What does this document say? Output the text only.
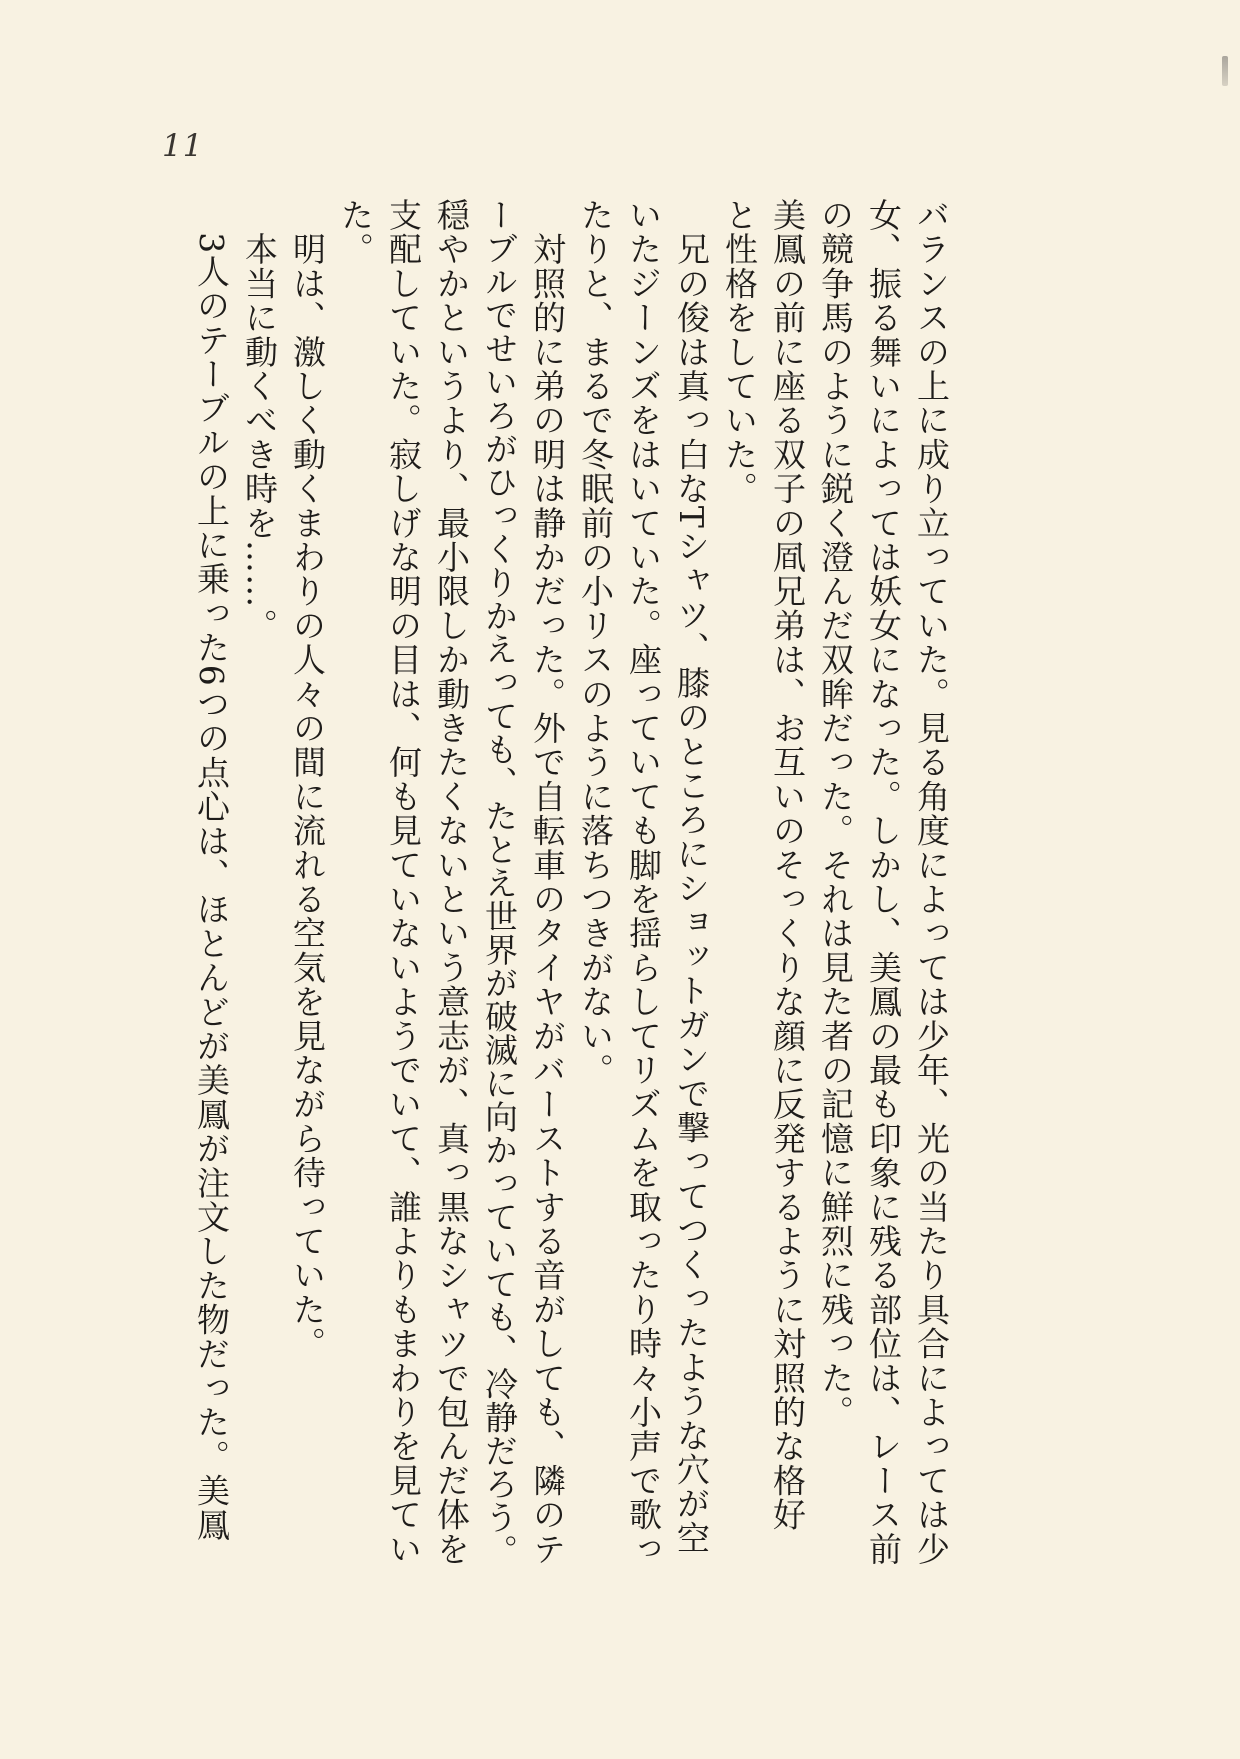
11
バランスの上に成り立っていた。見る角度によっては少年、光の当たり具合によっては少
女、振る舞いによっては妖女になった。しかし、美鳳の最も印象に残る部位は、レース前
の競争馬のように鋭く澄んだ双眸だった。それは見た者の記憶に鮮烈に残った。
美鳳の前に座る双子の凮兄弟は、お互いのそっくりな顔に反発するように対照的な格好
と性格をしていた。
　兄の俊は真っ白なTシャツ、膝のところにショットガンで撃ってつくったような穴が空
いたジーンズをはいていた。座っていても脚を揺らしてリズムを取ったり時々小声で歌っ
たりと、まるで冬眠前の小リスのように落ちつきがない。
　対照的に弟の明は静かだった。外で自転車のタイヤがバーストする音がしても、隣のテ
ーブルでせいろがひっくりかえっても、たとえ世界が破滅に向かっていても、冷静だろう。
穏やかというより、最小限しか動きたくないという意志が、真っ黒なシャツで包んだ体を
支配していた。寂しげな明の目は、何も見ていないようでいて、誰よりもまわりを見てい
た。
　明は、激しく動くまわりの人々の間に流れる空気を見ながら待っていた。
　本当に動くべき時を……。
　3人のテーブルの上に乗った6つの点心は、ほとんどが美鳳が注文した物だった。美鳳
